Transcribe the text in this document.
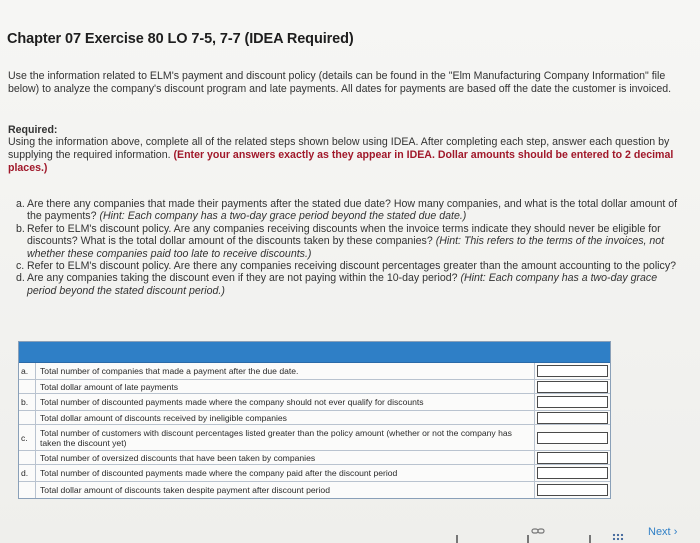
Chapter 07 Exercise 80 LO 7-5, 7-7 (IDEA Required)
Use the information related to ELM's payment and discount policy (details can be found in the "Elm Manufacturing Company Information" file below) to analyze the company's discount program and late payments. All dates for payments are based off the date the customer is invoiced.
Required:
Using the information above, complete all of the related steps shown below using IDEA. After completing each step, answer each question by supplying the required information. (Enter your answers exactly as they appear in IDEA. Dollar amounts should be entered to 2 decimal places.)
a. Are there any companies that made their payments after the stated due date? How many companies, and what is the total dollar amount of the payments? (Hint: Each company has a two-day grace period beyond the stated due date.)
b. Refer to ELM's discount policy. Are any companies receiving discounts when the invoice terms indicate they should never be eligible for discounts? What is the total dollar amount of the discounts taken by these companies? (Hint: This refers to the terms of the invoices, not whether these companies paid too late to receive discounts.)
c. Refer to ELM's discount policy. Are there any companies receiving discount percentages greater than the amount accounting to the policy?
d. Are any companies taking the discount even if they are not paying within the 10-day period? (Hint: Each company has a two-day grace period beyond the stated discount period.)
a.	Total number of companies that made a payment after the due date.
Total dollar amount of late payments
b.	Total number of discounted payments made where the company should not ever qualify for discounts
Total dollar amount of discounts received by ineligible companies
c.	Total number of customers with discount percentages listed greater than the policy amount (whether or not the company has taken the discount yet)
Total number of oversized discounts that have been taken by companies
d.	Total number of discounted payments made where the company paid after the discount period
Total dollar amount of discounts taken despite payment after discount period
Next ›
